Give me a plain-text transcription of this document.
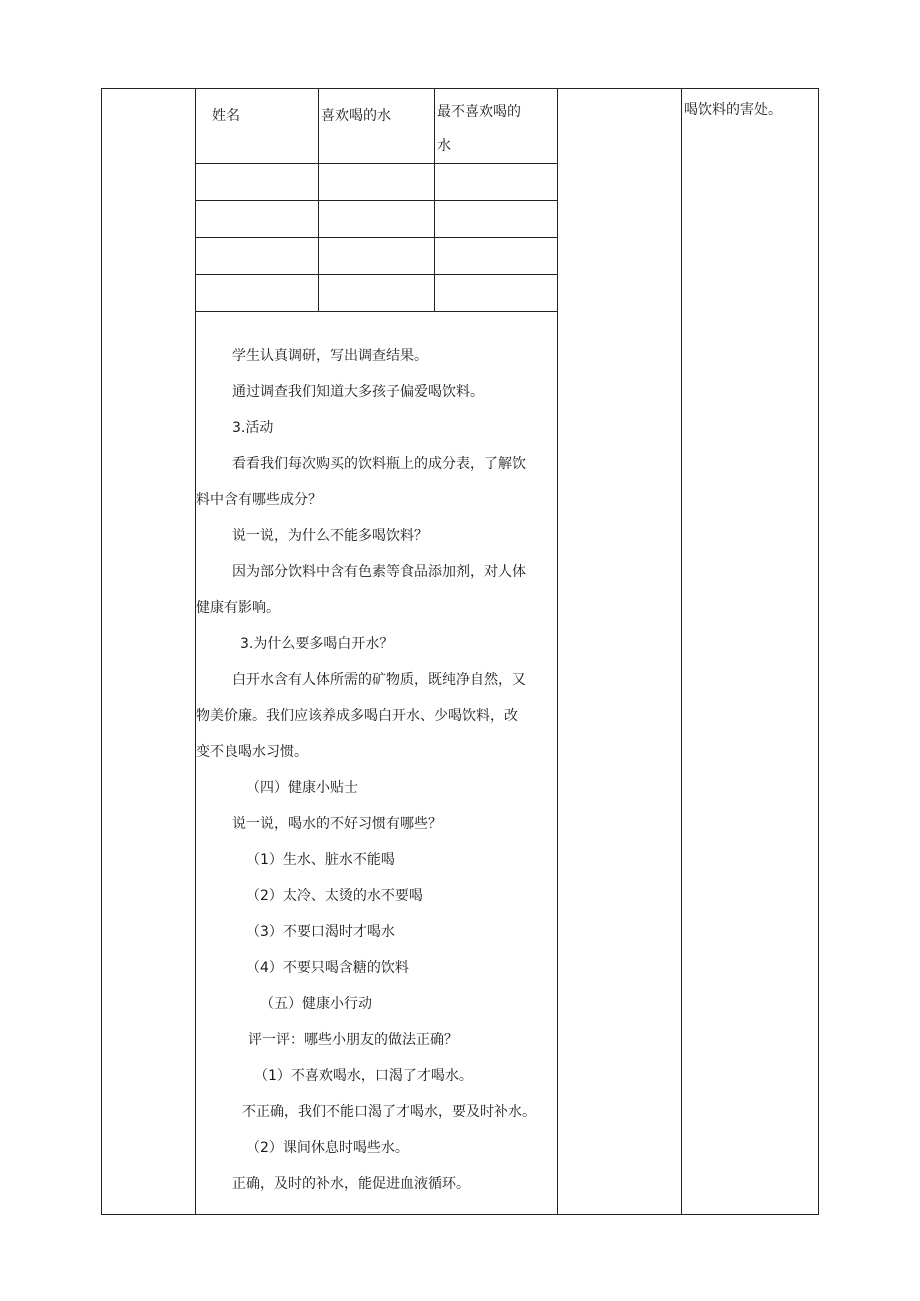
姓名	喜欢喝的水	最不喜欢喝的
水

喝饮料的害处。
学生认真调研，写出调查结果。
通过调查我们知道大多孩子偏爱喝饮料。
3.活动
看看我们每次购买的饮料瓶上的成分表，了解饮
料中含有哪些成分？
说一说，为什么不能多喝饮料？
因为部分饮料中含有色素等食品添加剂，对人体
健康有影响。
3.为什么要多喝白开水？
白开水含有人体所需的矿物质，既纯净自然，又
物美价廉。我们应该养成多喝白开水、少喝饮料，改
变不良喝水习惯。
（四）健康小贴士
说一说，喝水的不好习惯有哪些？
（1）生水、脏水不能喝
（2）太冷、太烫的水不要喝
（3）不要口渴时才喝水
（4）不要只喝含糖的饮料
（五）健康小行动
评一评：哪些小朋友的做法正确？
（1）不喜欢喝水，口渴了才喝水。
不正确，我们不能口渴了才喝水，要及时补水。
（2）课间休息时喝些水。
正确，及时的补水，能促进血液循环。
